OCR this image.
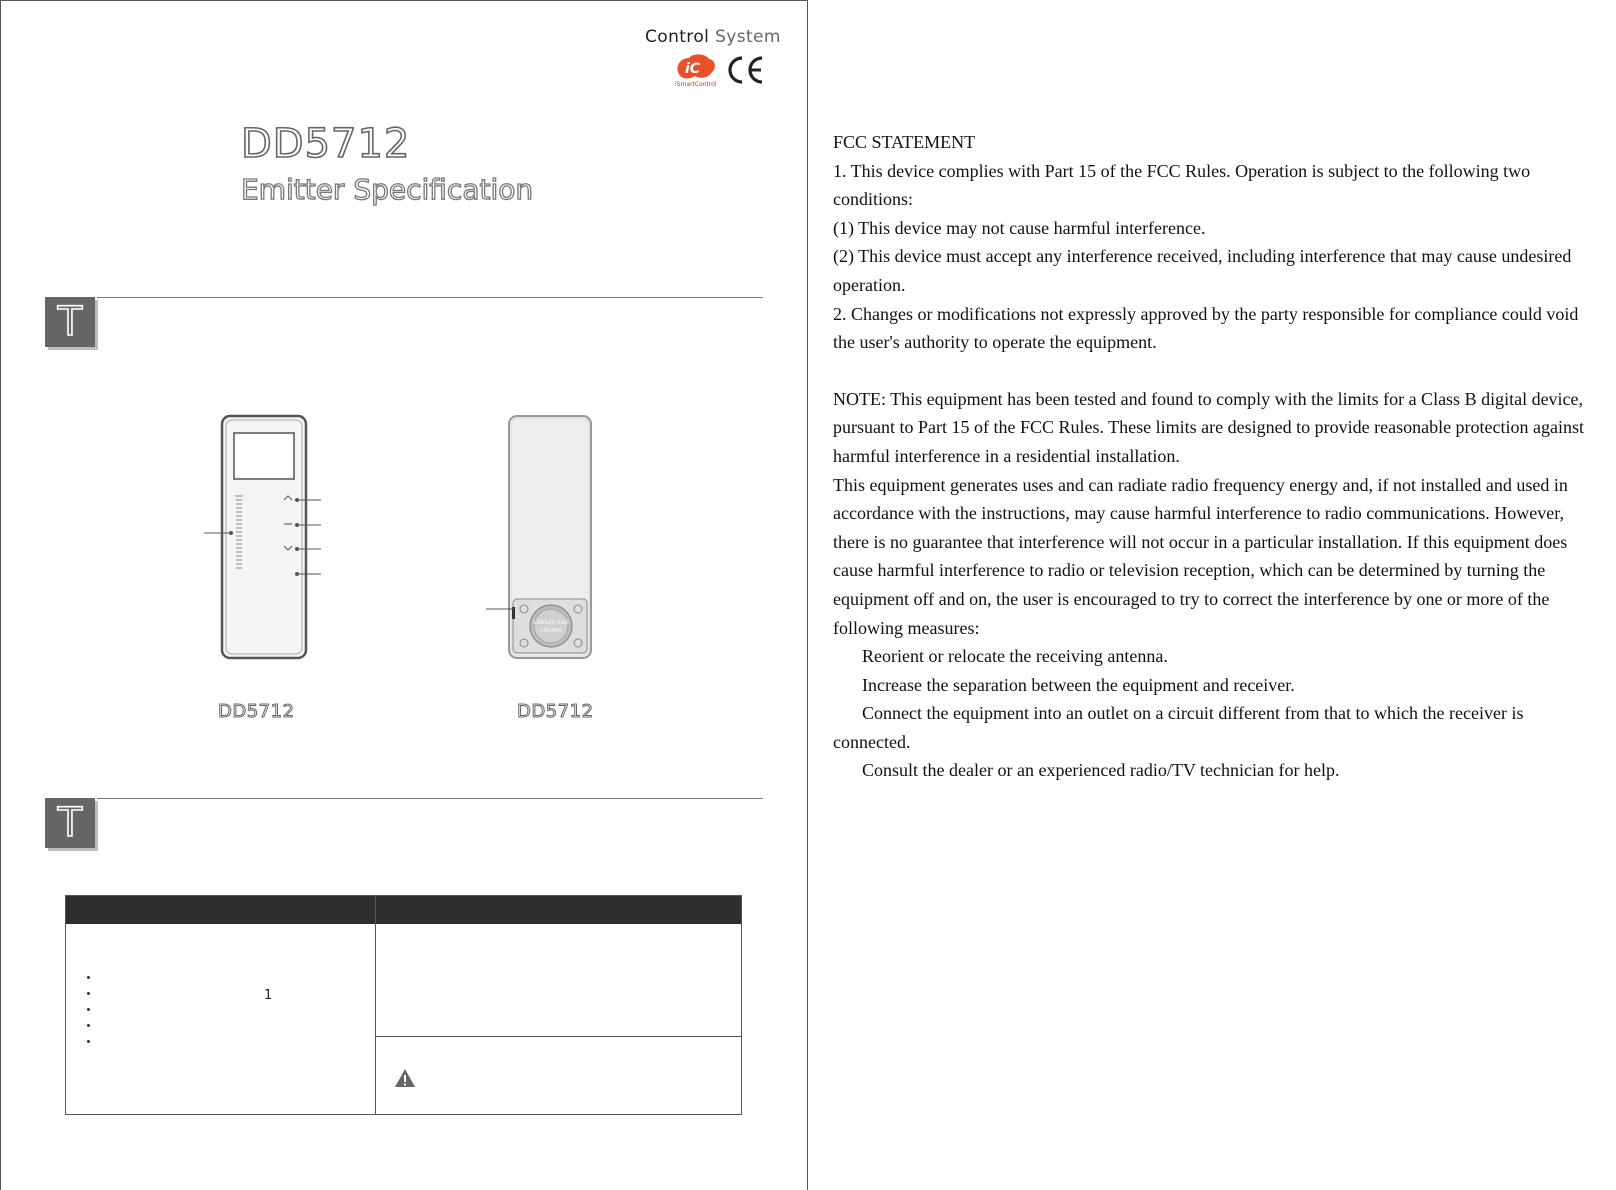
Control System
iC
iSmartControl
DD5712
Emitter Specification
T
Lithium Cell
CR2450
DD5712	DD5712
T
1

FCC STATEMENT

1. This device complies with Part 15 of the FCC Rules. Operation is subject to the following two conditions:

(1) This device may not cause harmful interference.

(2) This device must accept any interference received, including interference that may cause undesired operation.

2. Changes or modifications not expressly approved by the party responsible for compliance could void the user's authority to operate the equipment.

NOTE: This equipment has been tested and found to comply with the limits for a Class B digital device, pursuant to Part 15 of the FCC Rules. These limits are designed to provide reasonable protection against harmful interference in a residential installation.

This equipment generates uses and can radiate radio frequency energy and, if not installed and used in accordance with the instructions, may cause harmful interference to radio communications. However, there is no guarantee that interference will not occur in a particular installation. If this equipment does cause harmful interference to radio or television reception, which can be determined by turning the equipment off and on, the user is encouraged to try to correct the interference by one or more of the following measures:

Reorient or relocate the receiving antenna.

Increase the separation between the equipment and receiver.

Connect the equipment into an outlet on a circuit different from that to which the receiver is connected.

Consult the dealer or an experienced radio/TV technician for help.
